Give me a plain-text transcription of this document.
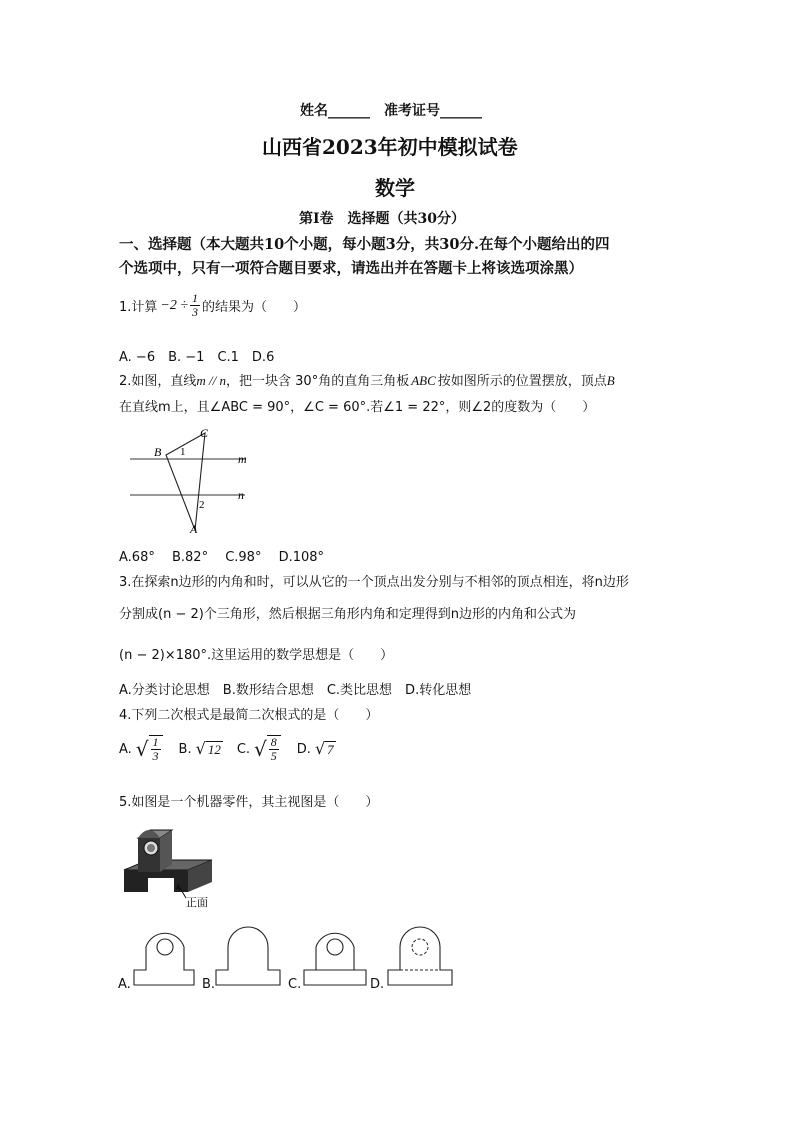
姓名______ 准考证号______
山西省2023年初中模拟试卷
数学
第Ⅰ卷　选择题（共30分）
一、选择题（本大题共10个小题，每小题3分，共30分.在每个小题给出的四
个选项中，只有一项符合题目要求，请选出并在答题卡上将该选项涂黑）
1.计算 $-2 \div \frac{1}{3}$ 的结果为（　　）
A. −6　B. −1　C.1　D.6
2.如图，直线m // n，把一块含 30°角的直角三角板 ABC 按如图所示的位置摆放，顶点B
在直线m上，且∠ABC = 90°，∠C = 60°.若∠1 = 22°，则∠2的度数为（　　）
C
B
A
1
2
m
n
A.68°　 B.82°　 C.98°　 D.108°
3.在探索n边形的内角和时，可以从它的一个顶点出发分别与不相邻的顶点相连，将n边形
分割成(n − 2)个三角形，然后根据三角形内角和定理得到n边形的内角和公式为
(n − 2)×180°.这里运用的数学思想是（　　）
A.分类讨论思想　B.数形结合思想　C.类比思想　D.转化思想
4.下列二次根式是最简二次根式的是（　　）
A. √ $\frac{1}{3} B$. √ 12 C. √ $\frac{8}{5} D$. √ 7
5.如图是一个机器零件，其主视图是（　　）
正面
A.	B.	C.	D.
